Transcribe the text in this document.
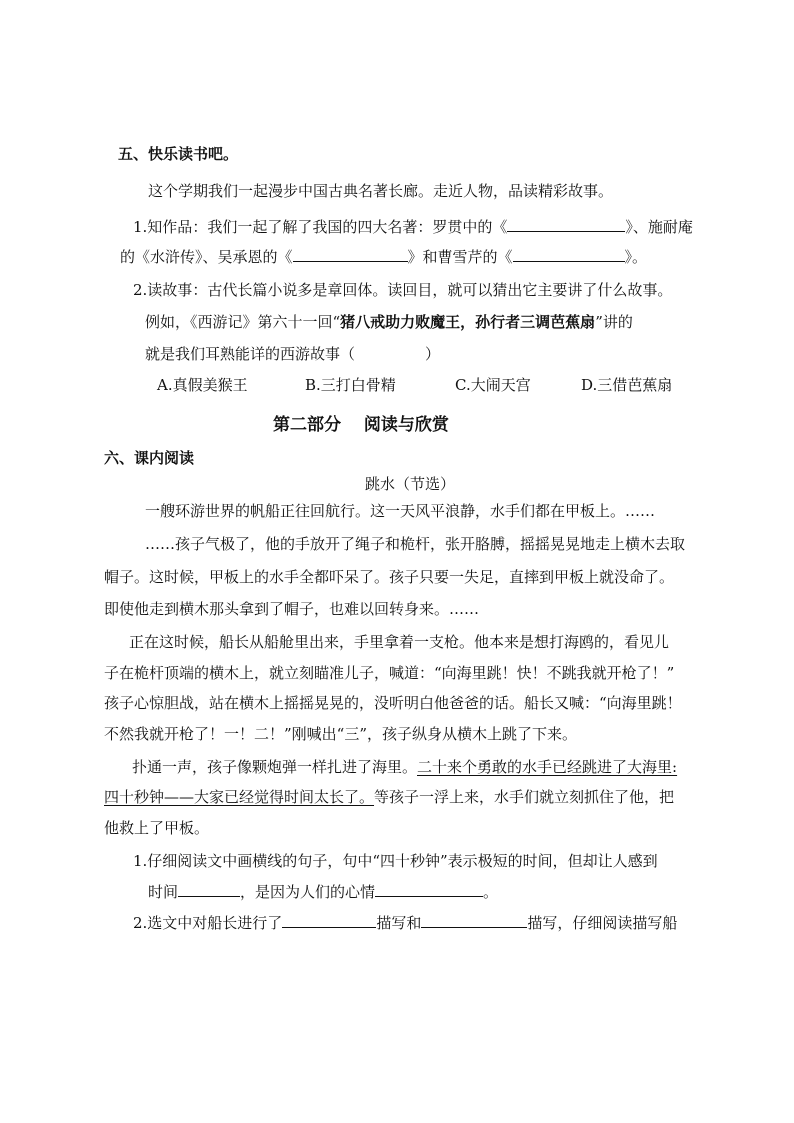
五、快乐读书吧。
这个学期我们一起漫步中国古典名著长廊。走近人物，品读精彩故事。
1.知作品：我们一起了解了我国的四大名著：罗贯中的《	》、施耐庵
的《水浒传》、吴承恩的《	》和曹雪芹的《	》。
2.读故事：古代长篇小说多是章回体。读回目，就可以猜出它主要讲了什么故事。
例如，《西游记》第六十一回“猪八戒助力败魔王，孙行者三调芭蕉扇”讲的
就是我们耳熟能详的西游故事（	）
A.真假美猴王	B.三打白骨精	C.大闹天宫	D.三借芭蕉扇
第二部分　 阅读与欣赏
六、课内阅读
跳水（节选）
一艘环游世界的帆船正往回航行。这一天风平浪静，水手们都在甲板上。……
……孩子气极了，他的手放开了绳子和桅杆，张开胳膊，摇摇晃晃地走上横木去取
帽子。这时候，甲板上的水手全都吓呆了。孩子只要一失足，直摔到甲板上就没命了。
即使他走到横木那头拿到了帽子，也难以回转身来。……
正在这时候，船长从船舱里出来，手里拿着一支枪。他本来是想打海鸥的，看见儿
子在桅杆顶端的横木上，就立刻瞄准儿子，喊道：“向海里跳！快！不跳我就开枪了！”
孩子心惊胆战，站在横木上摇摇晃晃的，没听明白他爸爸的话。船长又喊：“向海里跳！
不然我就开枪了！一！二！”刚喊出“三”，孩子纵身从横木上跳了下来。
扑通一声，孩子像颗炮弹一样扎进了海里。二十来个勇敢的水手已经跳进了大海里:
四十秒钟——大家已经觉得时间太长了。等孩子一浮上来，水手们就立刻抓住了他，把
他救上了甲板。
1.仔细阅读文中画横线的句子，句中“四十秒钟”表示极短的时间，但却让人感到
时间	，是因为人们的心情	。
2.选文中对船长进行了	描写和	描写，仔细阅读描写船
